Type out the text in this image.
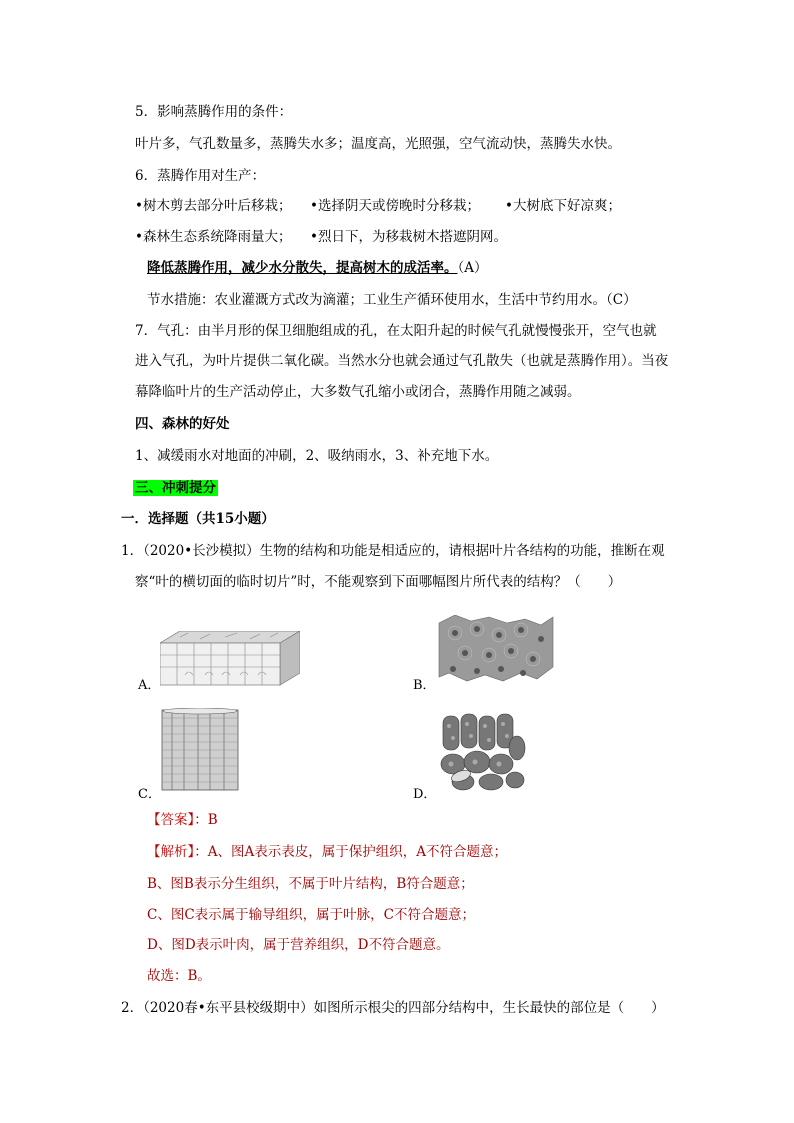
5．影响蒸腾作用的条件：
叶片多，气孔数量多，蒸腾失水多；温度高，光照强，空气流动快，蒸腾失水快。
6．蒸腾作用对生产：
•树木剪去部分叶后移栽； •选择阴天或傍晚时分移栽； •大树底下好凉爽；
•森林生态系统降雨量大； •烈日下，为移栽树木搭遮阴网。
降低蒸腾作用，减少水分散失，提高树木的成活率。（A）
节水措施：农业灌溉方式改为滴灌；工业生产循环使用水，生活中节约用水。（C）
7．气孔：由半月形的保卫细胞组成的孔，在太阳升起的时候气孔就慢慢张开，空气也就
进入气孔，为叶片提供二氧化碳。当然水分也就会通过气孔散失（也就是蒸腾作用）。当夜
幕降临叶片的生产活动停止，大多数气孔缩小或闭合，蒸腾作用随之减弱。
四、森林的好处
1、减缓雨水对地面的冲刷，2、吸纳雨水，3、补充地下水。
三、冲刺提分
一．选择题（共15小题）
1．（2020•长沙模拟）生物的结构和功能是相适应的，请根据叶片各结构的功能，推断在观
察“叶的横切面的临时切片”时，不能观察到下面哪幅图片所代表的结构？（　　）
A．	B．
C．	D．
【答案】：B
【解析】：A、图A表示表皮，属于保护组织，A不符合题意；
B、图B表示分生组织，不属于叶片结构，B符合题意；
C、图C表示属于输导组织，属于叶脉，C不符合题意；
D、图D表示叶肉，属于营养组织，D不符合题意。
故选：B。
2．（2020春•东平县校级期中）如图所示根尖的四部分结构中，生长最快的部位是（　　）
